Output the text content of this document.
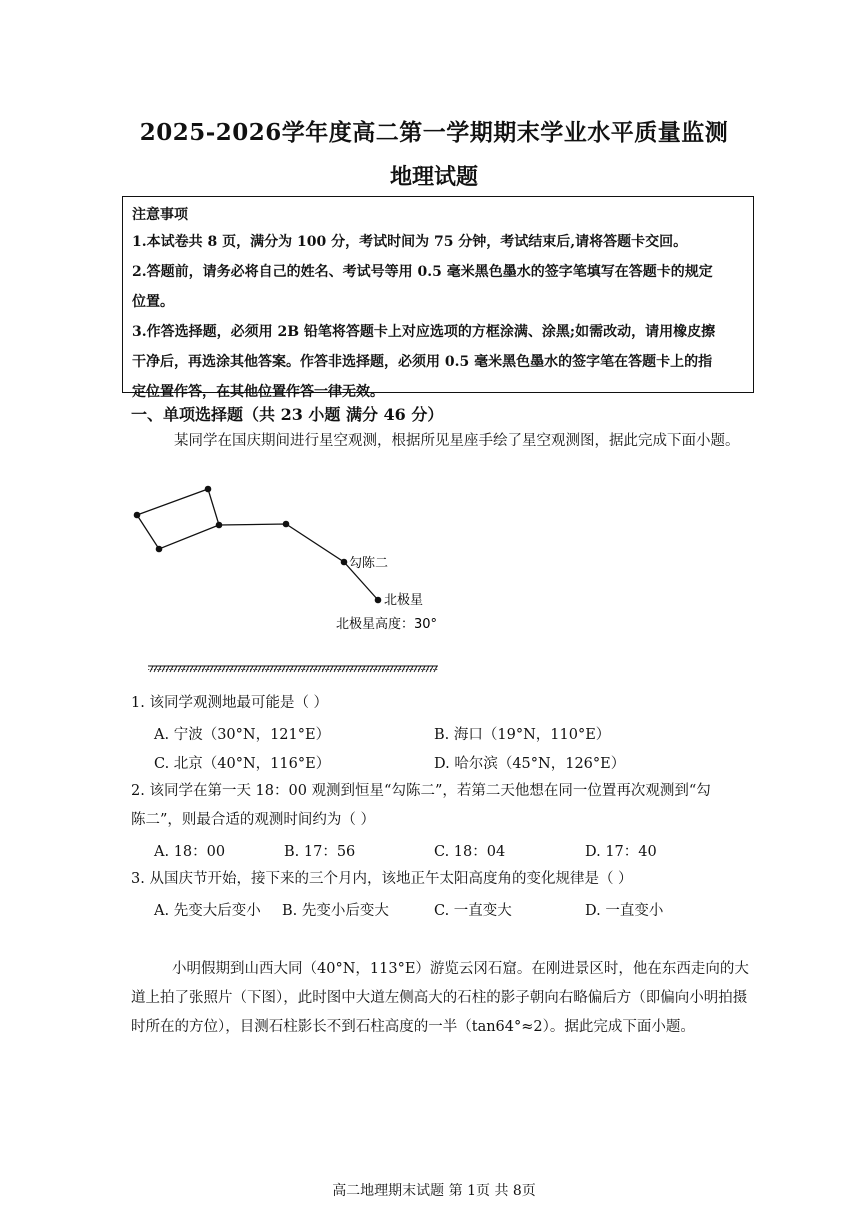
2025-2026学年度高二第一学期期末学业水平质量监测
地理试题
注意事项
1.本试卷共 8 页，满分为 100 分，考试时间为 75 分钟，考试结束后,请将答题卡交回。
2.答题前，请务必将自己的姓名、考试号等用 0.5 毫米黑色墨水的签字笔填写在答题卡的规定
位置。
3.作答选择题，必须用 2B 铅笔将答题卡上对应选项的方框涂满、涂黑;如需改动，请用橡皮擦
干净后，再选涂其他答案。作答非选择题，必须用 0.5 毫米黑色墨水的签字笔在答题卡上的指
定位置作答，在其他位置作答一律无效。
一、单项选择题（共 23 小题 满分 46 分）
某同学在国庆期间进行星空观测，根据所见星座手绘了星空观测图，据此完成下面小题。
勾陈二
北极星
北极星高度：30°
1. 该同学观测地最可能是（ ）
A. 宁波（30°N，121°E）	B. 海口（19°N，110°E）
C. 北京（40°N，116°E）	D. 哈尔滨（45°N，126°E）
2. 该同学在第一天 18：00 观测到恒星“勾陈二”，若第二天他想在同一位置再次观测到“勾
陈二”，则最合适的观测时间约为（ ）
A. 18：00	B. 17：56	C. 18：04	D. 17：40
3. 从国庆节开始，接下来的三个月内，该地正午太阳高度角的变化规律是（ ）
A. 先变大后变小 B. 先变小后变大	C. 一直变大	D. 一直变小
小明假期到山西大同（40°N，113°E）游览云冈石窟。在刚进景区时，他在东西走向的大道上拍了张照片（下图），此时图中大道左侧高大的石柱的影子朝向右略偏后方（即偏向小明拍摄时所在的方位），目测石柱影长不到石柱高度的一半（tan64°≈2）。据此完成下面小题。
高二地理期末试题 第 1页 共 8页
